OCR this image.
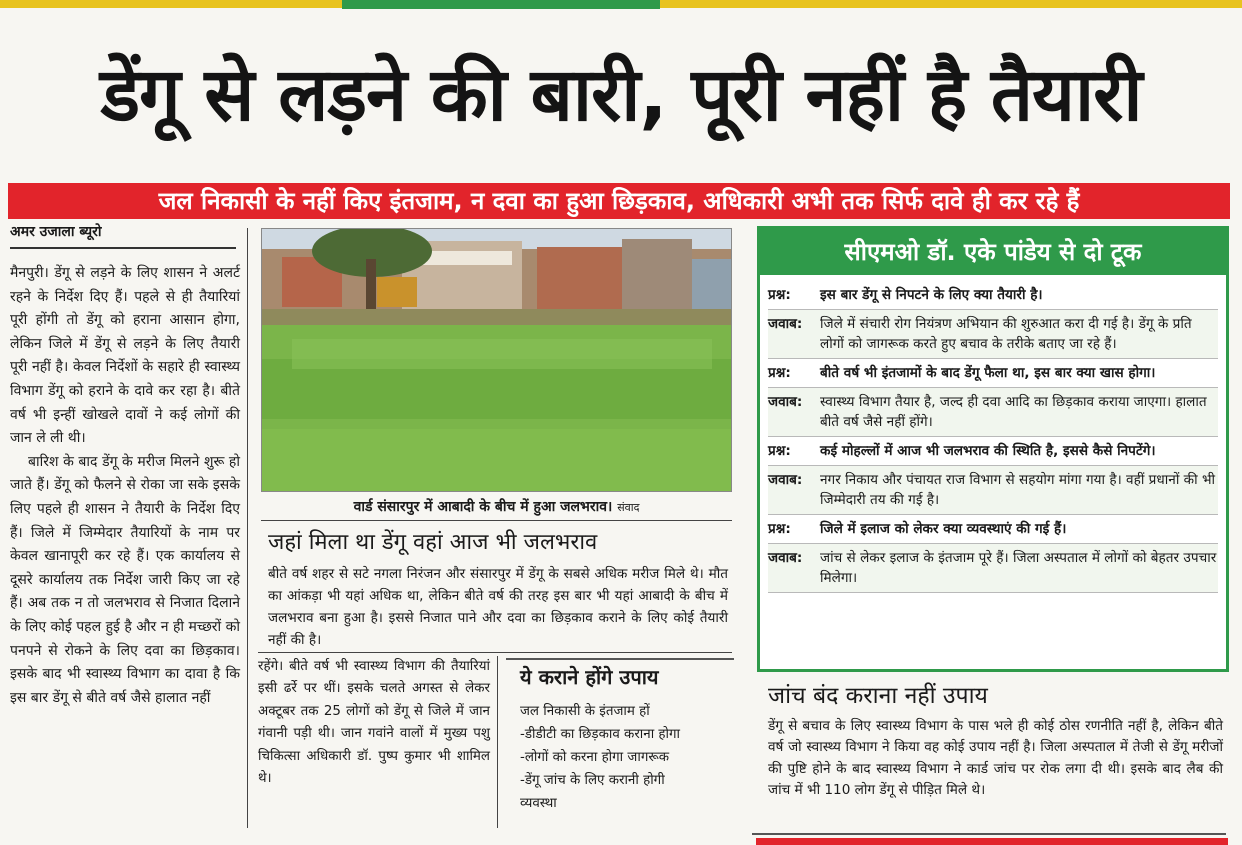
डेंगू से लड़ने की बारी, पूरी नहीं है तैयारी
जल निकासी के नहीं किए इंतजाम, न दवा का हुआ छिड़काव, अधिकारी अभी तक सिर्फ दावे ही कर रहे हैं
अमर उजाला ब्यूरो

मैनपुरी। डेंगू से लड़ने के लिए शासन ने अलर्ट रहने के निर्देश दिए हैं। पहले से ही तैयारियां पूरी होंगी तो डेंगू को हराना आसान होगा, लेकिन जिले में डेंगू से लड़ने के लिए तैयारी पूरी नहीं है। केवल निर्देशों के सहारे ही स्वास्थ्य विभाग डेंगू को हराने के दावे कर रहा है। बीते वर्ष भी इन्हीं खोखले दावों ने कई लोगों की जान ले ली थी।

बारिश के बाद डेंगू के मरीज मिलने शुरू हो जाते हैं। डेंगू को फैलने से रोका जा सके इसके लिए पहले ही शासन ने तैयारी के निर्देश दिए हैं। जिले में जिम्मेदार तैयारियों के नाम पर केवल खानापूरी कर रहे हैं। एक कार्यालय से दूसरे कार्यालय तक निर्देश जारी किए जा रहे हैं। अब तक न तो जलभराव से निजात दिलाने के लिए कोई पहल हुई है और न ही मच्छरों को पनपने से रोकने के लिए दवा का छिड़काव। इसके बाद भी स्वास्थ्य विभाग का दावा है कि इस बार डेंगू से बीते वर्ष जैसे हालात नहीं

वार्ड संसारपुर में आबादी के बीच में हुआ जलभराव। संवाद
जहां मिला था डेंगू वहां आज भी जलभराव
बीते वर्ष शहर से सटे नगला निरंजन और संसारपुर में डेंगू के सबसे अधिक मरीज मिले थे। मौत का आंकड़ा भी यहां अधिक था, लेकिन बीते वर्ष की तरह इस बार भी यहां आबादी के बीच में जलभराव बना हुआ है। इससे निजात पाने और दवा का छिड़काव कराने के लिए कोई तैयारी नहीं की है।
रहेंगे। बीते वर्ष भी स्वास्थ्य विभाग की तैयारियां इसी ढर्रे पर थीं। इसके चलते अगस्त से लेकर अक्टूबर तक 25 लोगों को डेंगू से जिले में जान गंवानी पड़ी थी। जान गवांने वालों में मुख्य पशु चिकित्सा अधिकारी डॉ. पुष्प कुमार भी शामिल थे।
ये कराने होंगे उपाय
जल निकासी के इंतजाम हों
-डीडीटी का छिड़काव कराना होगा
-लोगों को करना होगा जागरूक
-डेंगू जांच के लिए करानी होगी
व्यवस्था
सीएमओ डॉ. एके पांडेय से दो टूक
प्रश्न:	इस बार डेंगू से निपटने के लिए क्या तैयारी है।
जवाब:	जिले में संचारी रोग नियंत्रण अभियान की शुरुआत करा दी गई है। डेंगू के प्रति लोगों को जागरूक करते हुए बचाव के तरीके बताए जा रहे हैं।
प्रश्न:	बीते वर्ष भी इंतजामों के बाद डेंगू फैला था, इस बार क्या खास होगा।
जवाब:	स्वास्थ्य विभाग तैयार है, जल्द ही दवा आदि का छिड़काव कराया जाएगा। हालात बीते वर्ष जैसे नहीं होंगे।
प्रश्न:	कई मोहल्लों में आज भी जलभराव की स्थिति है, इससे कैसे निपटेंगे।
जवाब:	नगर निकाय और पंचायत राज विभाग से सहयोग मांगा गया है। वहीं प्रधानों की भी जिम्मेदारी तय की गई है।
प्रश्न:	जिले में इलाज को लेकर क्या व्यवस्थाएं की गई हैं।
जवाब:	जांच से लेकर इलाज के इंतजाम पूरे हैं। जिला अस्पताल में लोगों को बेहतर उपचार मिलेगा।
जांच बंद कराना नहीं उपाय
डेंगू से बचाव के लिए स्वास्थ्य विभाग के पास भले ही कोई ठोस रणनीति नहीं है, लेकिन बीते वर्ष जो स्वास्थ्य विभाग ने किया वह कोई उपाय नहीं है। जिला अस्पताल में तेजी से डेंगू मरीजों की पुष्टि होने के बाद स्वास्थ्य विभाग ने कार्ड जांच पर रोक लगा दी थी। इसके बाद लैब की जांच में भी 110 लोग डेंगू से पीड़ित मिले थे।
